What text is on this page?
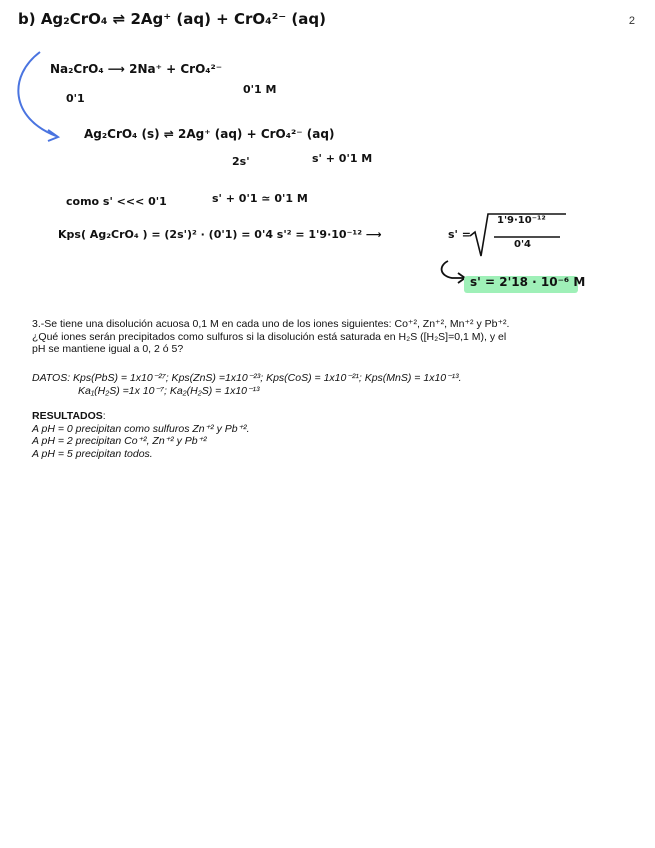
2
b) Ag₂CrO₄ ⇌ 2Ag⁺ (aq) + CrO₄²⁻ (aq)
Na₂CrO₄ ⟶ 2Na⁺ + CrO₄²⁻
0'1
0'1 M
Ag₂CrO₄ (s) ⇌ 2Ag⁺ (aq) + CrO₄²⁻ (aq)
2s'	s' + 0'1 M
como s' <<< 0'1	s' + 0'1 ≃ 0'1 M
Kps( Ag₂CrO₄ ) = (2s')² · (0'1) = 0'4 s'² = 1'9·10⁻¹² ⟶	s' =
1'9·10⁻¹²
0'4
s' = 2'18 · 10⁻⁶ M

3.-Se tiene una disolución acuosa 0,1 M en cada uno de los iones siguientes: Co⁺², Zn⁺², Mn⁺² y Pb⁺².

¿Qué iones serán precipitados como sulfuros si la disolución está saturada en H₂S ([H₂S]=0,1 M), y el

pH se mantiene igual a 0, 2 ó 5?

DATOS: Kps(PbS) = 1x10⁻²⁷; Kps(ZnS) =1x10⁻²³; Kps(CoS) = 1x10⁻²¹; Kps(MnS) = 1x10⁻¹³.

Ka₁(H₂S) =1x 10⁻⁷; Ka₂(H₂S) = 1x10⁻¹³

RESULTADOS:

A pH = 0 precipitan como sulfuros Zn⁺² y Pb⁺².

A pH = 2 precipitan Co⁺², Zn⁺² y Pb⁺²

A pH = 5 precipitan todos.
